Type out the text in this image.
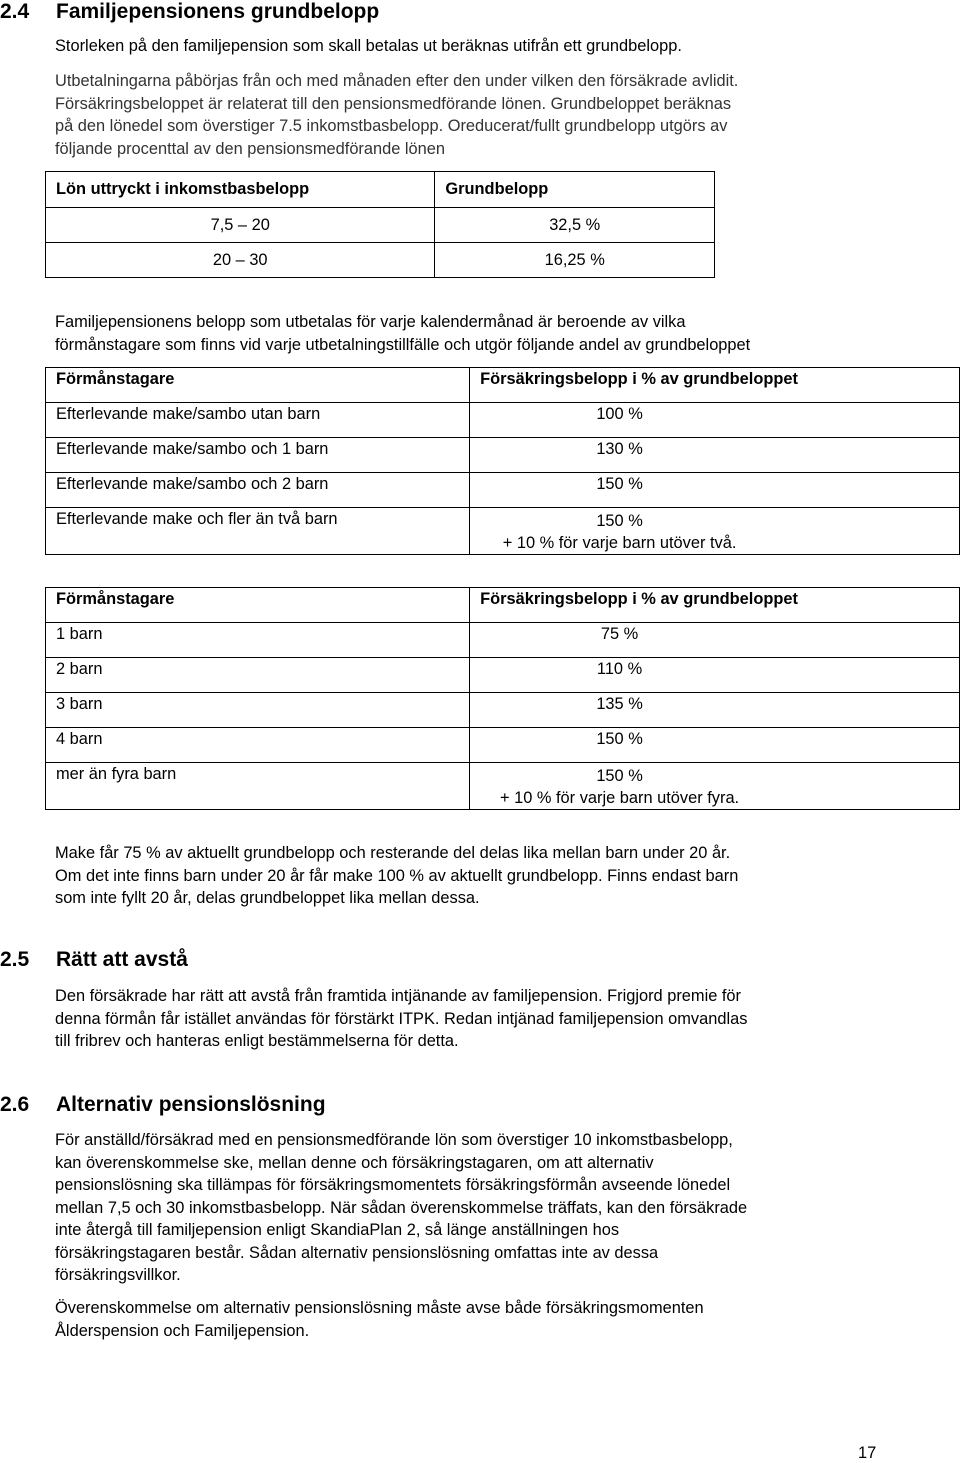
2.4 Familjepensionens grundbelopp
Storleken på den familjepension som skall betalas ut beräknas utifrån ett grundbelopp.
Utbetalningarna påbörjas från och med månaden efter den under vilken den försäkrade avlidit.
Försäkringsbeloppet är relaterat till den pensionsmedförande lönen. Grundbeloppet beräknas
på den lönedel som överstiger 7.5 inkomstbasbelopp. Oreducerat/fullt grundbelopp utgörs av
följande procenttal av den pensionsmedförande lönen
Lön uttryckt i inkomstbasbelopp	Grundbelopp
7,5 – 20	32,5 %
20 – 30	16,25 %
Familjepensionens belopp som utbetalas för varje kalendermånad är beroende av vilka
förmånstagare som finns vid varje utbetalningstillfälle och utgör följande andel av grundbeloppet
Förmånstagare	Försäkringsbelopp i % av grundbeloppet
Efterlevande make/sambo utan barn	100 %
Efterlevande make/sambo och 1 barn	130 %
Efterlevande make/sambo och 2 barn	150 %
Efterlevande make och fler än två barn	150 %
+ 10 % för varje barn utöver två.
Förmånstagare	Försäkringsbelopp i % av grundbeloppet
1 barn	75 %
2 barn	110 %
3 barn	135 %
4 barn	150 %
mer än fyra barn	150 %
+ 10 % för varje barn utöver fyra.
Make får 75 % av aktuellt grundbelopp och resterande del delas lika mellan barn under 20 år.
Om det inte finns barn under 20 år får make 100 % av aktuellt grundbelopp. Finns endast barn
som inte fyllt 20 år, delas grundbeloppet lika mellan dessa.
2.5 Rätt att avstå
Den försäkrade har rätt att avstå från framtida intjänande av familjepension. Frigjord premie för
denna förmån får istället användas för förstärkt ITPK. Redan intjänad familjepension omvandlas
till fribrev och hanteras enligt bestämmelserna för detta.
2.6 Alternativ pensionslösning
För anställd/försäkrad med en pensionsmedförande lön som överstiger 10 inkomstbasbelopp,
kan överenskommelse ske, mellan denne och försäkringstagaren, om att alternativ
pensionslösning ska tillämpas för försäkringsmomentets försäkringsförmån avseende lönedel
mellan 7,5 och 30 inkomstbasbelopp. När sådan överenskommelse träffats, kan den försäkrade
inte återgå till familjepension enligt SkandiaPlan 2, så länge anställningen hos
försäkringstagaren består. Sådan alternativ pensionslösning omfattas inte av dessa
försäkringsvillkor.
Överenskommelse om alternativ pensionslösning måste avse både försäkringsmomenten
Ålderspension och Familjepension.
17
